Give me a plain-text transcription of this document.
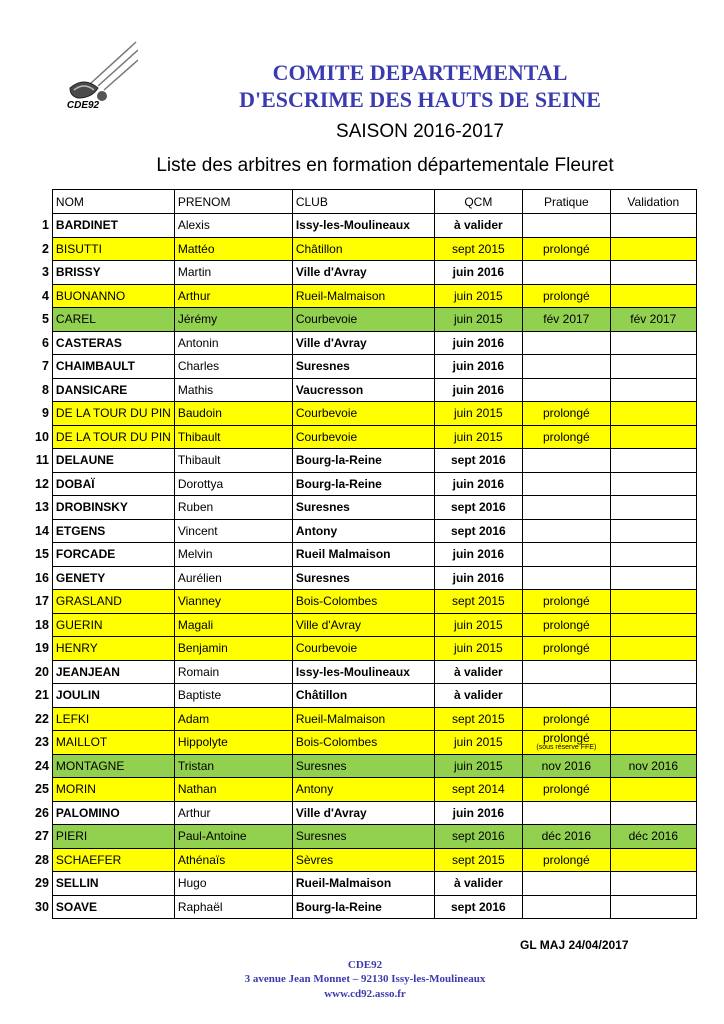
CDE92
COMITE DEPARTEMENTAL
D'ESCRIME DES HAUTS DE SEINE
SAISON 2016-2017
Liste des arbitres en formation départementale Fleuret
	NOM	PRENOM	CLUB	QCM	Pratique	Validation
1	BARDINET	Alexis	Issy-les-Moulineaux	à valider		
2	BISUTTI	Mattéo	Châtillon	sept 2015	prolongé	
3	BRISSY	Martin	Ville d'Avray	juin 2016		
4	BUONANNO	Arthur	Rueil-Malmaison	juin 2015	prolongé	
5	CAREL	Jérémy	Courbevoie	juin 2015	fév 2017	fév 2017
6	CASTERAS	Antonin	Ville d'Avray	juin 2016		
7	CHAIMBAULT	Charles	Suresnes	juin 2016		
8	DANSICARE	Mathis	Vaucresson	juin 2016		
9	DE LA TOUR DU PIN	Baudoin	Courbevoie	juin 2015	prolongé	
10	DE LA TOUR DU PIN	Thibault	Courbevoie	juin 2015	prolongé	
11	DELAUNE	Thibault	Bourg-la-Reine	sept 2016		
12	DOBAÏ	Dorottya	Bourg-la-Reine	juin 2016		
13	DROBINSKY	Ruben	Suresnes	sept 2016		
14	ETGENS	Vincent	Antony	sept 2016		
15	FORCADE	Melvin	Rueil Malmaison	juin 2016		
16	GENETY	Aurélien	Suresnes	juin 2016		
17	GRASLAND	Vianney	Bois-Colombes	sept 2015	prolongé	
18	GUERIN	Magali	Ville d'Avray	juin 2015	prolongé	
19	HENRY	Benjamin	Courbevoie	juin 2015	prolongé	
20	JEANJEAN	Romain	Issy-les-Moulineaux	à valider		
21	JOULIN	Baptiste	Châtillon	à valider		
22	LEFKI	Adam	Rueil-Malmaison	sept 2015	prolongé	
23	MAILLOT	Hippolyte	Bois-Colombes	juin 2015	prolongé
(sous réserve FFE)	

24	MONTAGNE	Tristan	Suresnes	juin 2015	nov 2016	nov 2016
25	MORIN	Nathan	Antony	sept 2014	prolongé	
26	PALOMINO	Arthur	Ville d'Avray	juin 2016		
27	PIERI	Paul-Antoine	Suresnes	sept 2016	déc 2016	déc 2016
28	SCHAEFER	Athénaïs	Sèvres	sept 2015	prolongé	
29	SELLIN	Hugo	Rueil-Malmaison	à valider		
30	SOAVE	Raphaël	Bourg-la-Reine	sept 2016		
GL MAJ 24/04/2017
CDE92
3 avenue Jean Monnet – 92130 Issy-les-Moulineaux
www.cd92.asso.fr
